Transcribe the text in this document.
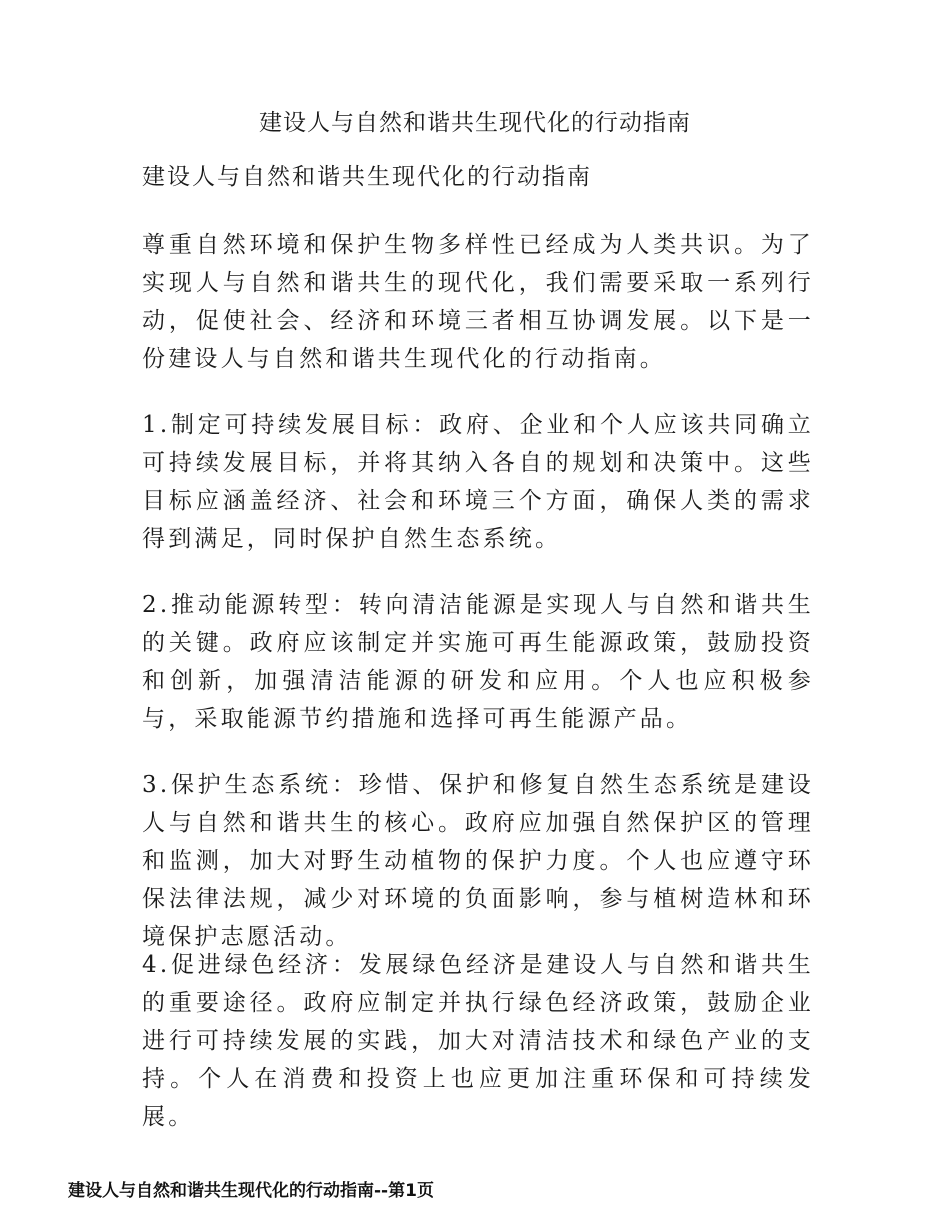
建设人与自然和谐共生现代化的行动指南
建设人与自然和谐共生现代化的行动指南

尊重自然环境和保护生物多样性已经成为人类共识。为了实现人与自然和谐共生的现代化，我们需要采取一系列行动，促使社会、经济和环境三者相互协调发展。以下是一份建设人与自然和谐共生现代化的行动指南。

1.制定可持续发展目标：政府、企业和个人应该共同确立可持续发展目标，并将其纳入各自的规划和决策中。这些目标应涵盖经济、社会和环境三个方面，确保人类的需求得到满足，同时保护自然生态系统。

2.推动能源转型：转向清洁能源是实现人与自然和谐共生的关键。政府应该制定并实施可再生能源政策，鼓励投资和创新，加强清洁能源的研发和应用。个人也应积极参与，采取能源节约措施和选择可再生能源产品。

3.保护生态系统：珍惜、保护和修复自然生态系统是建设人与自然和谐共生的核心。政府应加强自然保护区的管理和监测，加大对野生动植物的保护力度。个人也应遵守环保法律法规，减少对环境的负面影响，参与植树造林和环境保护志愿活动。

4.促进绿色经济：发展绿色经济是建设人与自然和谐共生的重要途径。政府应制定并执行绿色经济政策，鼓励企业进行可持续发展的实践，加大对清洁技术和绿色产业的支持。个人在消费和投资上也应更加注重环保和可持续发展。

建设人与自然和谐共生现代化的行动指南--第1页
